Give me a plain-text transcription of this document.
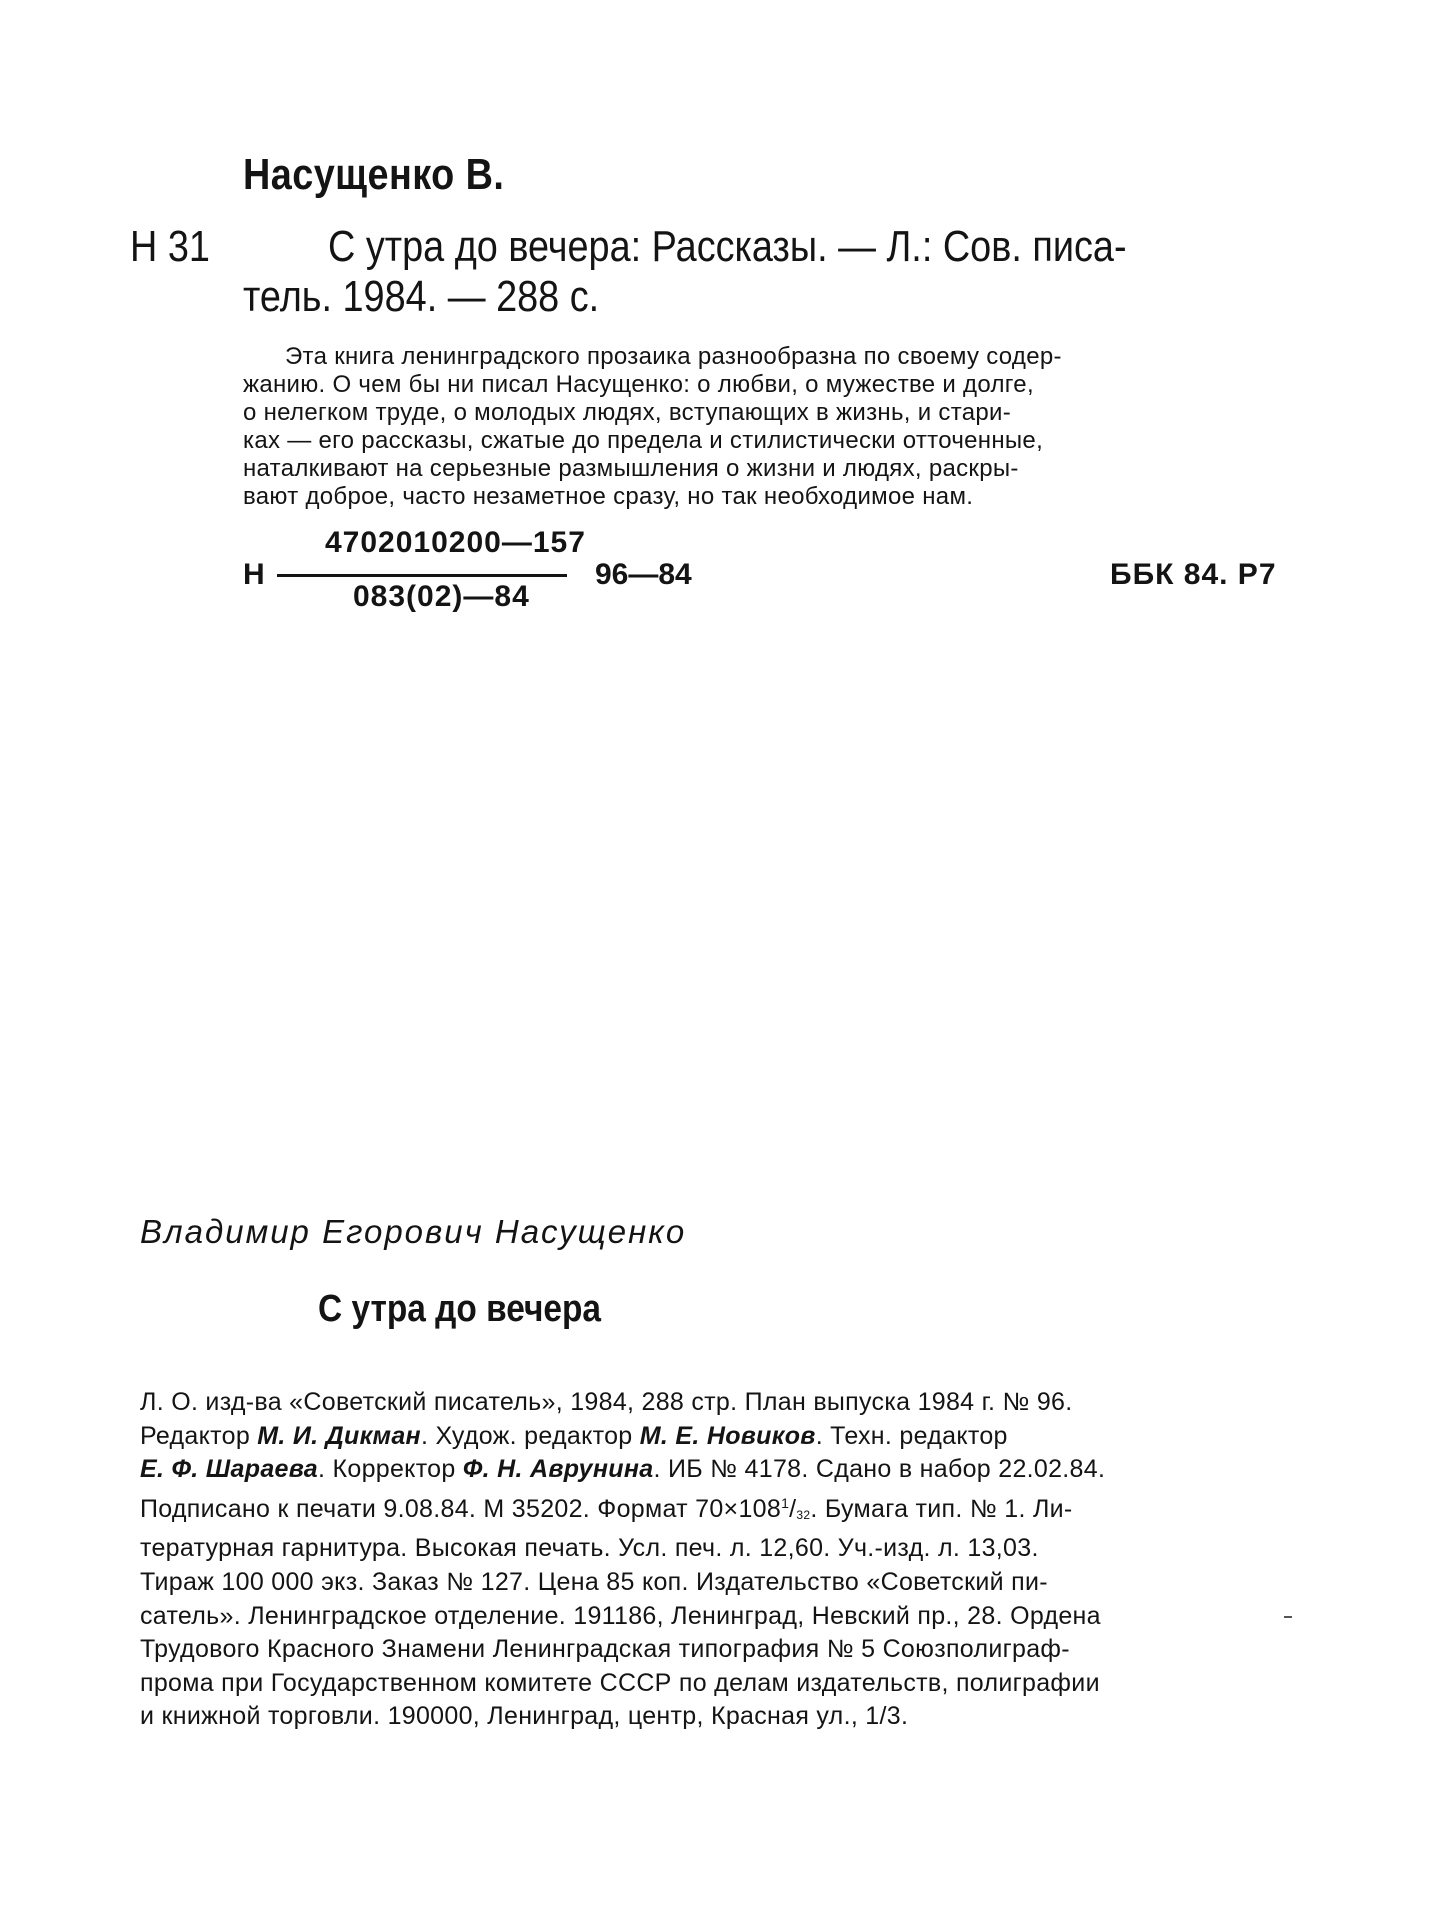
Насущенко В.
Н 31	С утра до вечера: Рассказы. — Л.: Сов. писа-
тель. 1984. — 288 с.
Эта книга ленинградского прозаика разнообразна по своему содер-
жанию. О чем бы ни писал Насущенко: о любви, о мужестве и долге,
о нелегком труде, о молодых людях, вступающих в жизнь, и стари-
ках — его рассказы, сжатые до предела и стилистически отточенные,
наталкивают на серьезные размышления о жизни и людях, раскры-
вают доброе, часто незаметное сразу, но так необходимое нам.
Н
4702010200—157
083(02)—84
96—84	ББК 84. Р7
Владимир Егорович Насущенко
С утра до вечера
Л. О. изд-ва «Советский писатель», 1984, 288 стр. План выпуска 1984 г. № 96.
Редактор М. И. Дикман. Худож. редактор М. Е. Новиков. Техн. редактор
Е. Ф. Шараева. Корректор Ф. Н. Аврунина. ИБ № 4178. Сдано в набор 22.02.84.
Подписано к печати 9.08.84. М 35202. Формат $70\times 108^1/_{32}$. Бумага тип. № 1. Ли-
тературная гарнитура. Высокая печать. Усл. печ. л. 12,60. Уч.-изд. л. 13,03.
Тираж 100 000 экз. Заказ № 127. Цена 85 коп. Издательство «Советский пи-
сатель». Ленинградское отделение. 191186, Ленинград, Невский пр., 28. Ордена
Трудового Красного Знамени Ленинградская типография № 5 Союзполиграф-
прома при Государственном комитете СССР по делам издательств, полиграфии
и книжной торговли. 190000, Ленинград, центр, Красная ул., 1/3.
